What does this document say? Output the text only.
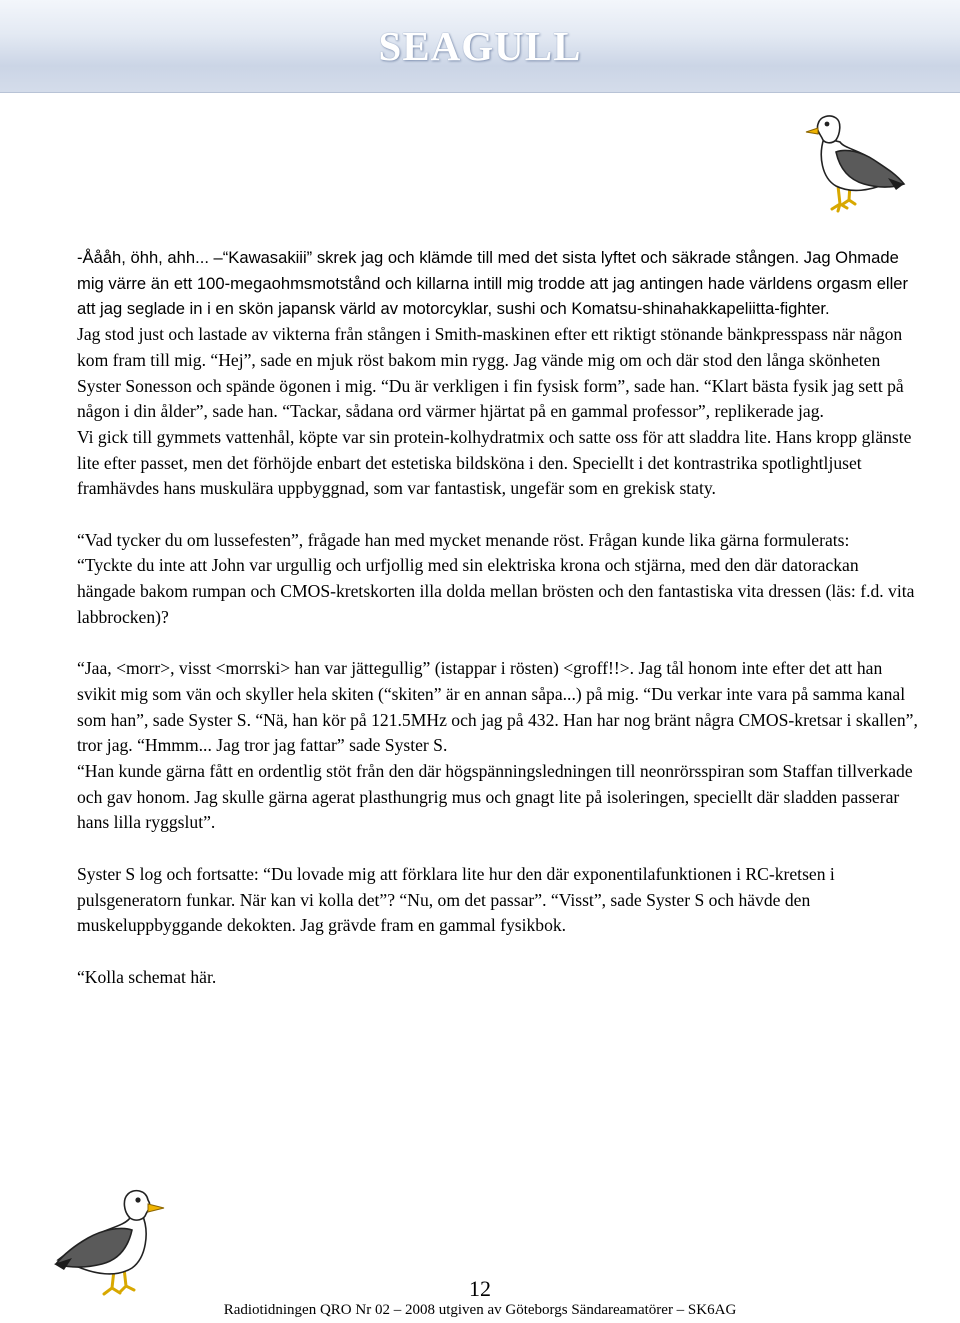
SEAGULL

-Åååh, öhh, ahh... –“Kawasakiii” skrek jag och klämde till med det sista lyftet och säkrade stången. Jag Ohmade mig värre än ett 100-megaohmsmotstånd och killarna intill mig trodde att jag antingen hade världens orgasm eller att jag seglade in i en skön japansk värld av motorcyklar, sushi och Komatsu-shinahakkapeliitta-fighter.

Jag stod just och lastade av vikterna från stången i Smith-maskinen efter ett riktigt stönande bänkpresspass när någon kom fram till mig. “Hej”, sade en mjuk röst bakom min rygg. Jag vände mig om och där stod den långa skönheten Syster Sonesson och spände ögonen i mig. “Du är verkligen i fin fysisk form”, sade han. “Klart bästa fysik jag sett på någon i din ålder”, sade han. “Tackar, sådana ord värmer hjärtat på en gammal professor”, replikerade jag.

Vi gick till gymmets vattenhål, köpte var sin protein-kolhydratmix och satte oss för att sladdra lite. Hans kropp glänste lite efter passet, men det förhöjde enbart det estetiska bildsköna i den. Speciellt i det kontrastrika spotlightljuset framhävdes hans muskulära uppbyggnad, som var fantastisk, ungefär som en grekisk staty.

“Vad tycker du om lussefesten”, frågade han med mycket menande röst. Frågan kunde lika gärna formulerats:

“Tyckte du inte att John var urgullig och urfjollig med sin elektriska krona och stjärna, med den där datorackan hängade bakom rumpan och CMOS-kretskorten illa dolda mellan brösten och den fantastiska vita dressen (läs: f.d. vita labbrocken)?

“Jaa, <morr>, visst <morrski> han var jättegullig” (istappar i rösten) <groff!!>. Jag tål honom inte efter det att han svikit mig som vän och skyller hela skiten (“skiten” är en annan såpa...) på mig. “Du verkar inte vara på samma kanal som han”, sade Syster S. “Nä, han kör på 121.5MHz och jag på 432. Han har nog bränt några CMOS-kretsar i skallen”, tror jag. “Hmmm... Jag tror jag fattar” sade Syster S.

“Han kunde gärna fått en ordentlig stöt från den där högspänningsledningen till neonrörsspiran som Staffan tillverkade och gav honom. Jag skulle gärna agerat plasthungrig mus och gnagt lite på isoleringen, speciellt där sladden passerar hans lilla ryggslut”.

Syster S log och fortsatte: “Du lovade mig att förklara lite hur den där exponentilafunktionen i RC-kretsen i pulsgeneratorn funkar. När kan vi kolla det”? “Nu, om det passar”. “Visst”, sade Syster S och hävde den muskeluppbyggande dekokten. Jag grävde fram en gammal fysikbok.

“Kolla schemat här.

12
Radiotidningen QRO Nr 02 – 2008 utgiven av Göteborgs Sändareamatörer – SK6AG
